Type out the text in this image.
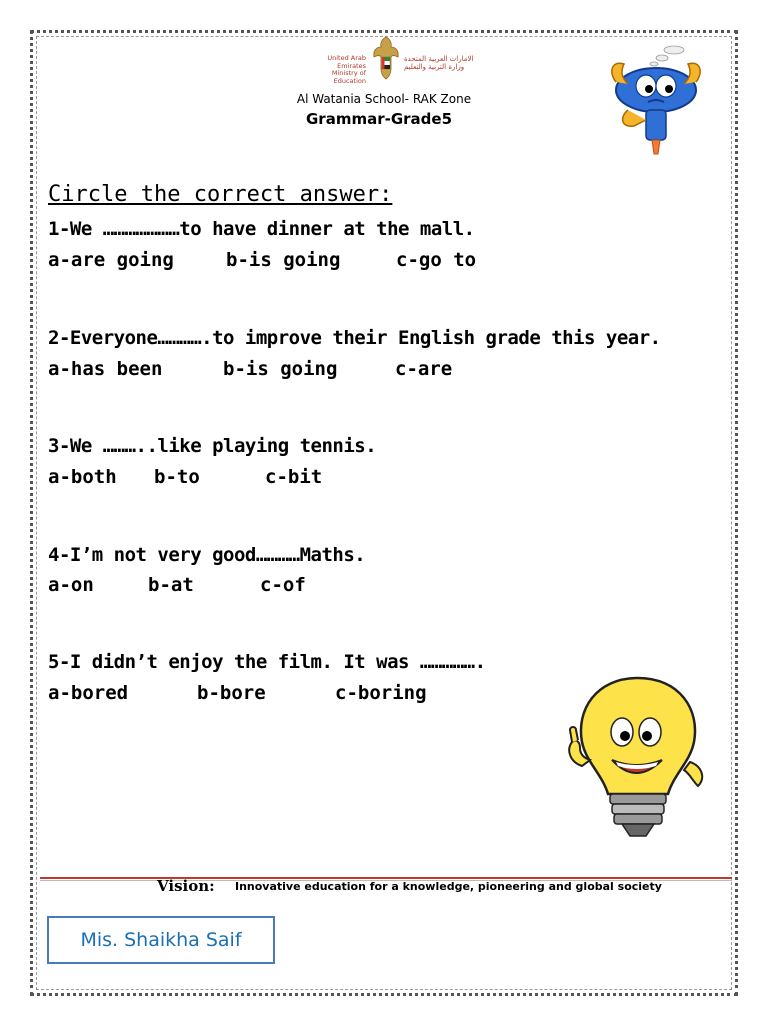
United Arab Emirates
Ministry of Education
الامارات العربية المتحدة
وزارة التربية والتعليم
Al Watania School- RAK Zone
Grammar-Grade5
Circle the correct answer:
1-We …………………to have dinner at the mall.
a-are going	b-is going	c-go to
2-Everyone………….to improve their English grade this year.
a-has been	b-is going	c-are
3-We ………..like playing tennis.
a-both b-to	c-bit
4-I’m not very good…………Maths.
a-on	b-at	c-of
5-I didn’t enjoy the film. It was …………….
a-bored	b-bore	c-boring
Vision: Innovative education for a knowledge, pioneering and global society
Mis. Shaikha Saif
